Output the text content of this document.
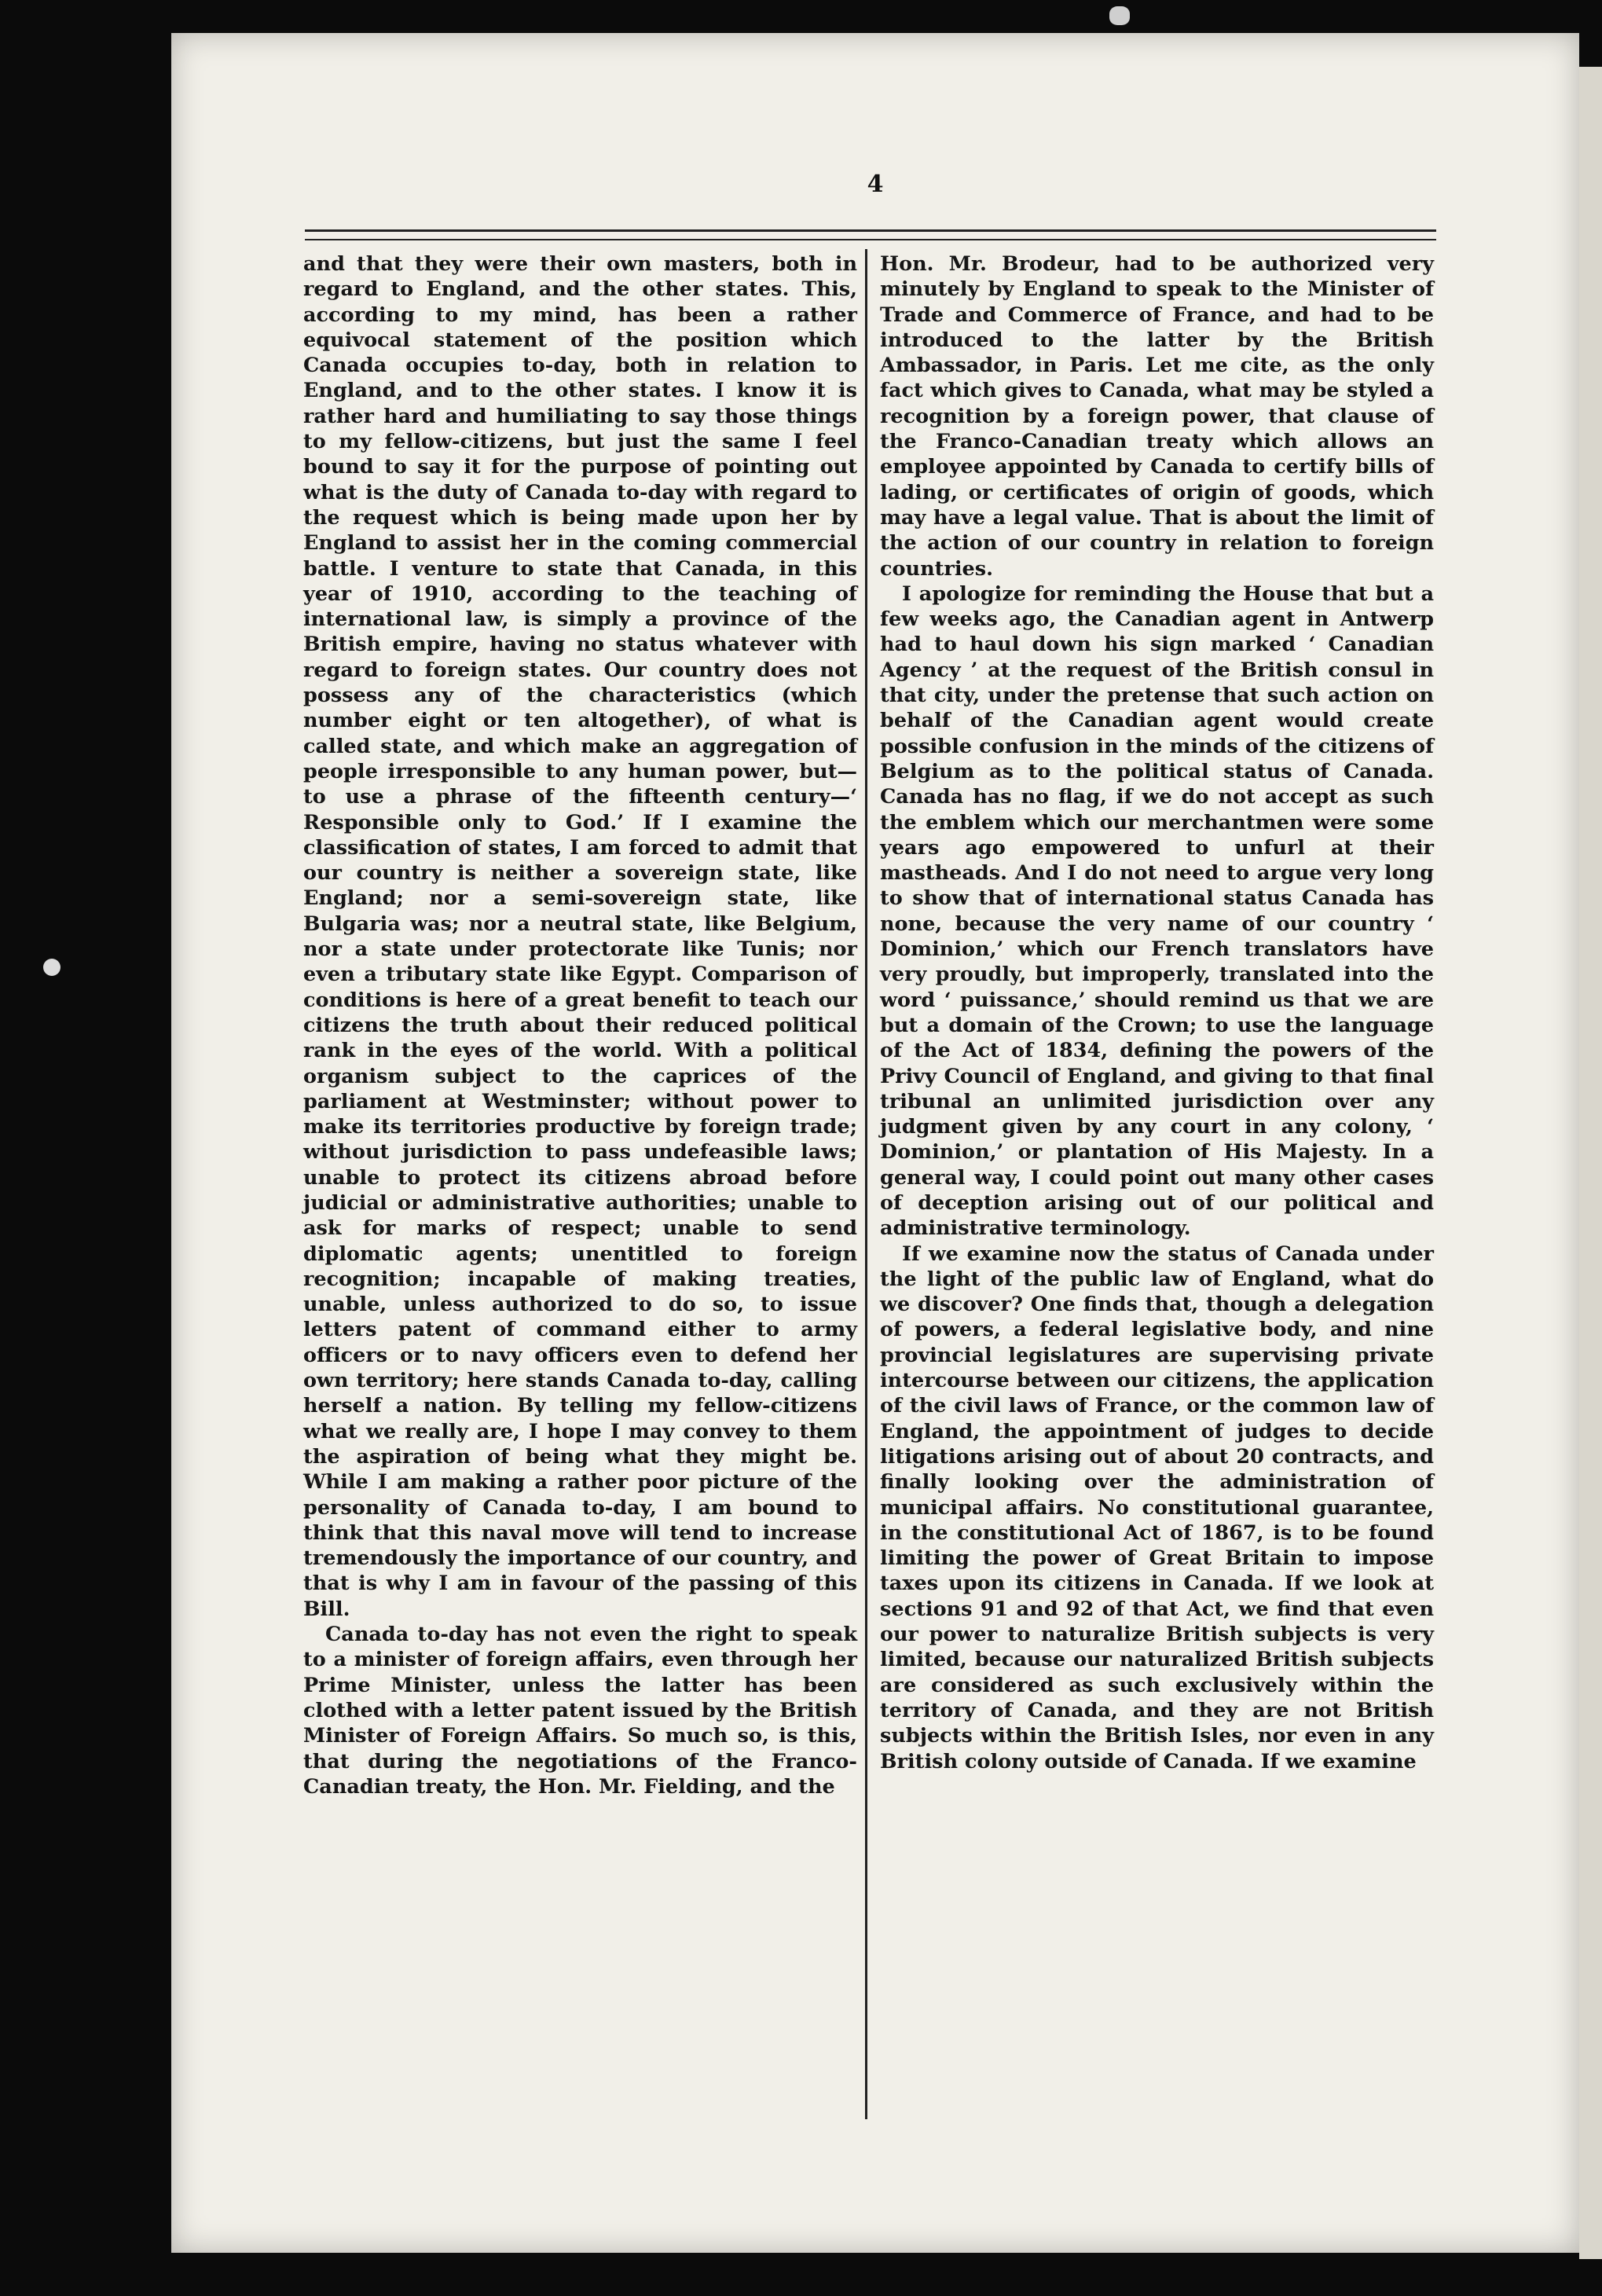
4

and that they were their own masters, both in regard to England, and the other states. This, according to my mind, has been a rather equivocal statement of the position which Canada occupies to-day, both in relation to England, and to the other states. I know it is rather hard and humiliating to say those things to my fellow-citizens, but just the same I feel bound to say it for the purpose of pointing out what is the duty of Canada to-day with regard to the request which is being made upon her by England to assist her in the coming commercial battle. I venture to state that Canada, in this year of 1910, according to the teaching of international law, is simply a province of the British empire, having no status whatever with regard to foreign states. Our country does not possess any of the characteristics (which number eight or ten altogether), of what is called state, and which make an aggregation of people irresponsible to any human power, but—to use a phrase of the fifteenth century—‘ Responsible only to God.’ If I examine the classification of states, I am forced to admit that our country is neither a sovereign state, like England; nor a semi-sovereign state, like Bulgaria was; nor a neutral state, like Belgium, nor a state under protectorate like Tunis; nor even a tributary state like Egypt. Comparison of conditions is here of a great benefit to teach our citizens the truth about their reduced political rank in the eyes of the world. With a political organism subject to the caprices of the parliament at Westminster; without power to make its territories productive by foreign trade; without jurisdiction to pass undefeasible laws; unable to protect its citizens abroad before judicial or administrative authorities; unable to ask for marks of respect; unable to send diplomatic agents; unentitled to foreign recognition; incapable of making treaties, unable, unless authorized to do so, to issue letters patent of command either to army officers or to navy officers even to defend her own territory; here stands Canada to-day, calling herself a nation. By telling my fellow-citizens what we really are, I hope I may convey to them the aspiration of being what they might be. While I am making a rather poor picture of the personality of Canada to-day, I am bound to think that this naval move will tend to increase tremendously the importance of our country, and that is why I am in favour of the passing of this Bill.

Canada to-day has not even the right to speak to a minister of foreign affairs, even through her Prime Minister, unless the latter has been clothed with a letter patent issued by the British Minister of Foreign Affairs. So much so, is this, that during the negotiations of the Franco-Canadian treaty, the Hon. Mr. Fielding, and the

Hon. Mr. Brodeur, had to be authorized very minutely by England to speak to the Minister of Trade and Commerce of France, and had to be introduced to the latter by the British Ambassador, in Paris. Let me cite, as the only fact which gives to Canada, what may be styled a recognition by a foreign power, that clause of the Franco-Canadian treaty which allows an employee appointed by Canada to certify bills of lading, or certificates of origin of goods, which may have a legal value. That is about the limit of the action of our country in relation to foreign countries.

I apologize for reminding the House that but a few weeks ago, the Canadian agent in Antwerp had to haul down his sign marked ‘ Canadian Agency ’ at the request of the British consul in that city, under the pretense that such action on behalf of the Canadian agent would create possible confusion in the minds of the citizens of Belgium as to the political status of Canada. Canada has no flag, if we do not accept as such the emblem which our merchantmen were some years ago empowered to unfurl at their mastheads. And I do not need to argue very long to show that of international status Canada has none, because the very name of our country ‘ Dominion,’ which our French translators have very proudly, but improperly, translated into the word ‘ puissance,’ should remind us that we are but a domain of the Crown; to use the language of the Act of 1834, defining the powers of the Privy Council of England, and giving to that final tribunal an unlimited jurisdiction over any judgment given by any court in any colony, ‘ Dominion,’ or plantation of His Majesty. In a general way, I could point out many other cases of deception arising out of our political and administrative terminology.

If we examine now the status of Canada under the light of the public law of England, what do we discover? One finds that, though a delegation of powers, a federal legislative body, and nine provincial legislatures are supervising private intercourse between our citizens, the application of the civil laws of France, or the common law of England, the appointment of judges to decide litigations arising out of about 20 contracts, and finally looking over the administration of municipal affairs. No constitutional guarantee, in the constitutional Act of 1867, is to be found limiting the power of Great Britain to impose taxes upon its citizens in Canada. If we look at sections 91 and 92 of that Act, we find that even our power to naturalize British subjects is very limited, because our naturalized British subjects are considered as such exclusively within the territory of Canada, and they are not British subjects within the British Isles, nor even in any British colony outside of Canada. If we examine
